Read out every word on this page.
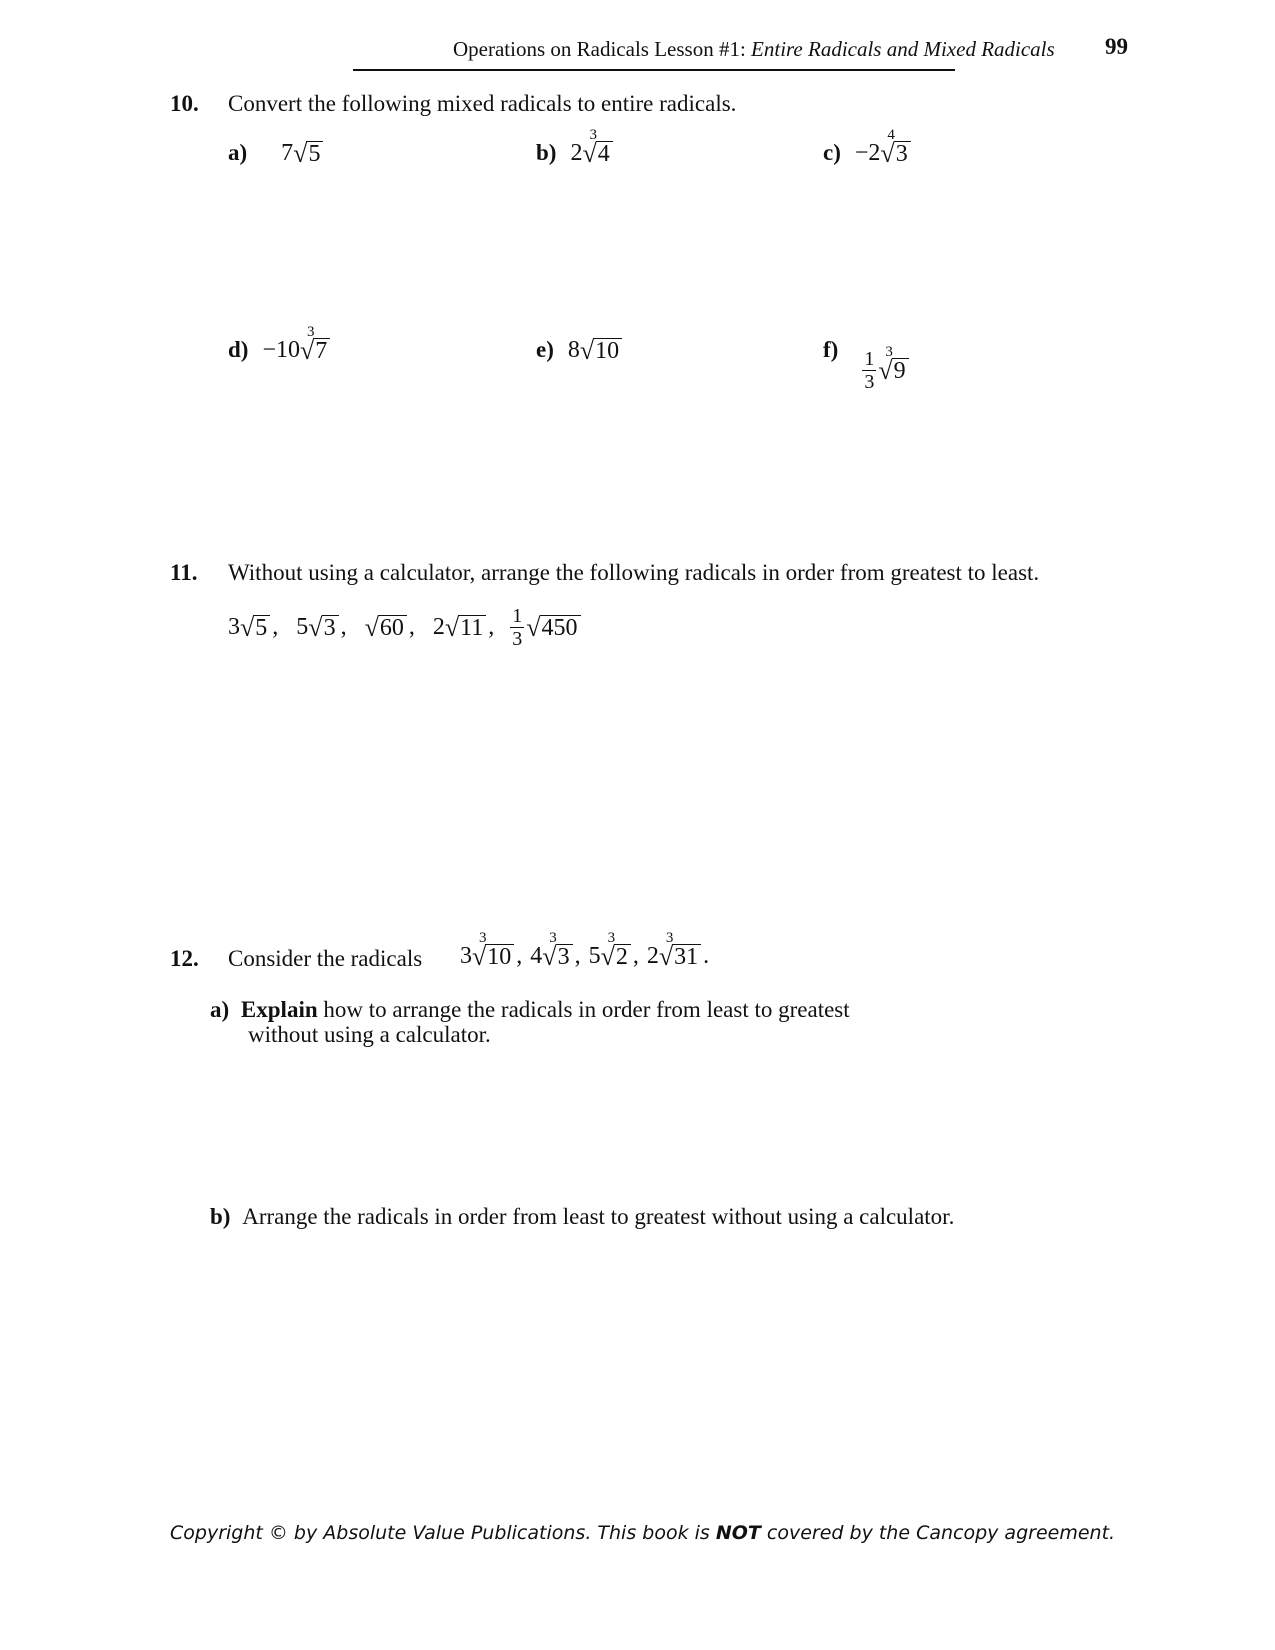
Operations on Radicals Lesson #1: Entire Radicals and Mixed Radicals 99
10. Convert the following mixed radicals to entire radicals.
a) 7 √ 5	b) 2
3
√ 4	c) −2
4
√ 3
d) −10
3
√ 7	e) 8 √ 10	$f) \frac{1}{3} 3$
√ 9
11. Without using a calculator, arrange the following radicals in order from greatest to least.
3 √ 5 , 5 √ 3 , √ 60 , 2 √ 11 , $\frac{1}{3}$ √ 450
12. Consider the radicals 3
3
√ 10 , 4
3
√ 3 , 5
3
√ 2 , 2
3
√ 31 .
a) Explain how to arrange the radicals in order from least to greatest
without using a calculator.
b) Arrange the radicals in order from least to greatest without using a calculator.
Copyright © by Absolute Value Publications. This book is NOT covered by the Cancopy agreement.
